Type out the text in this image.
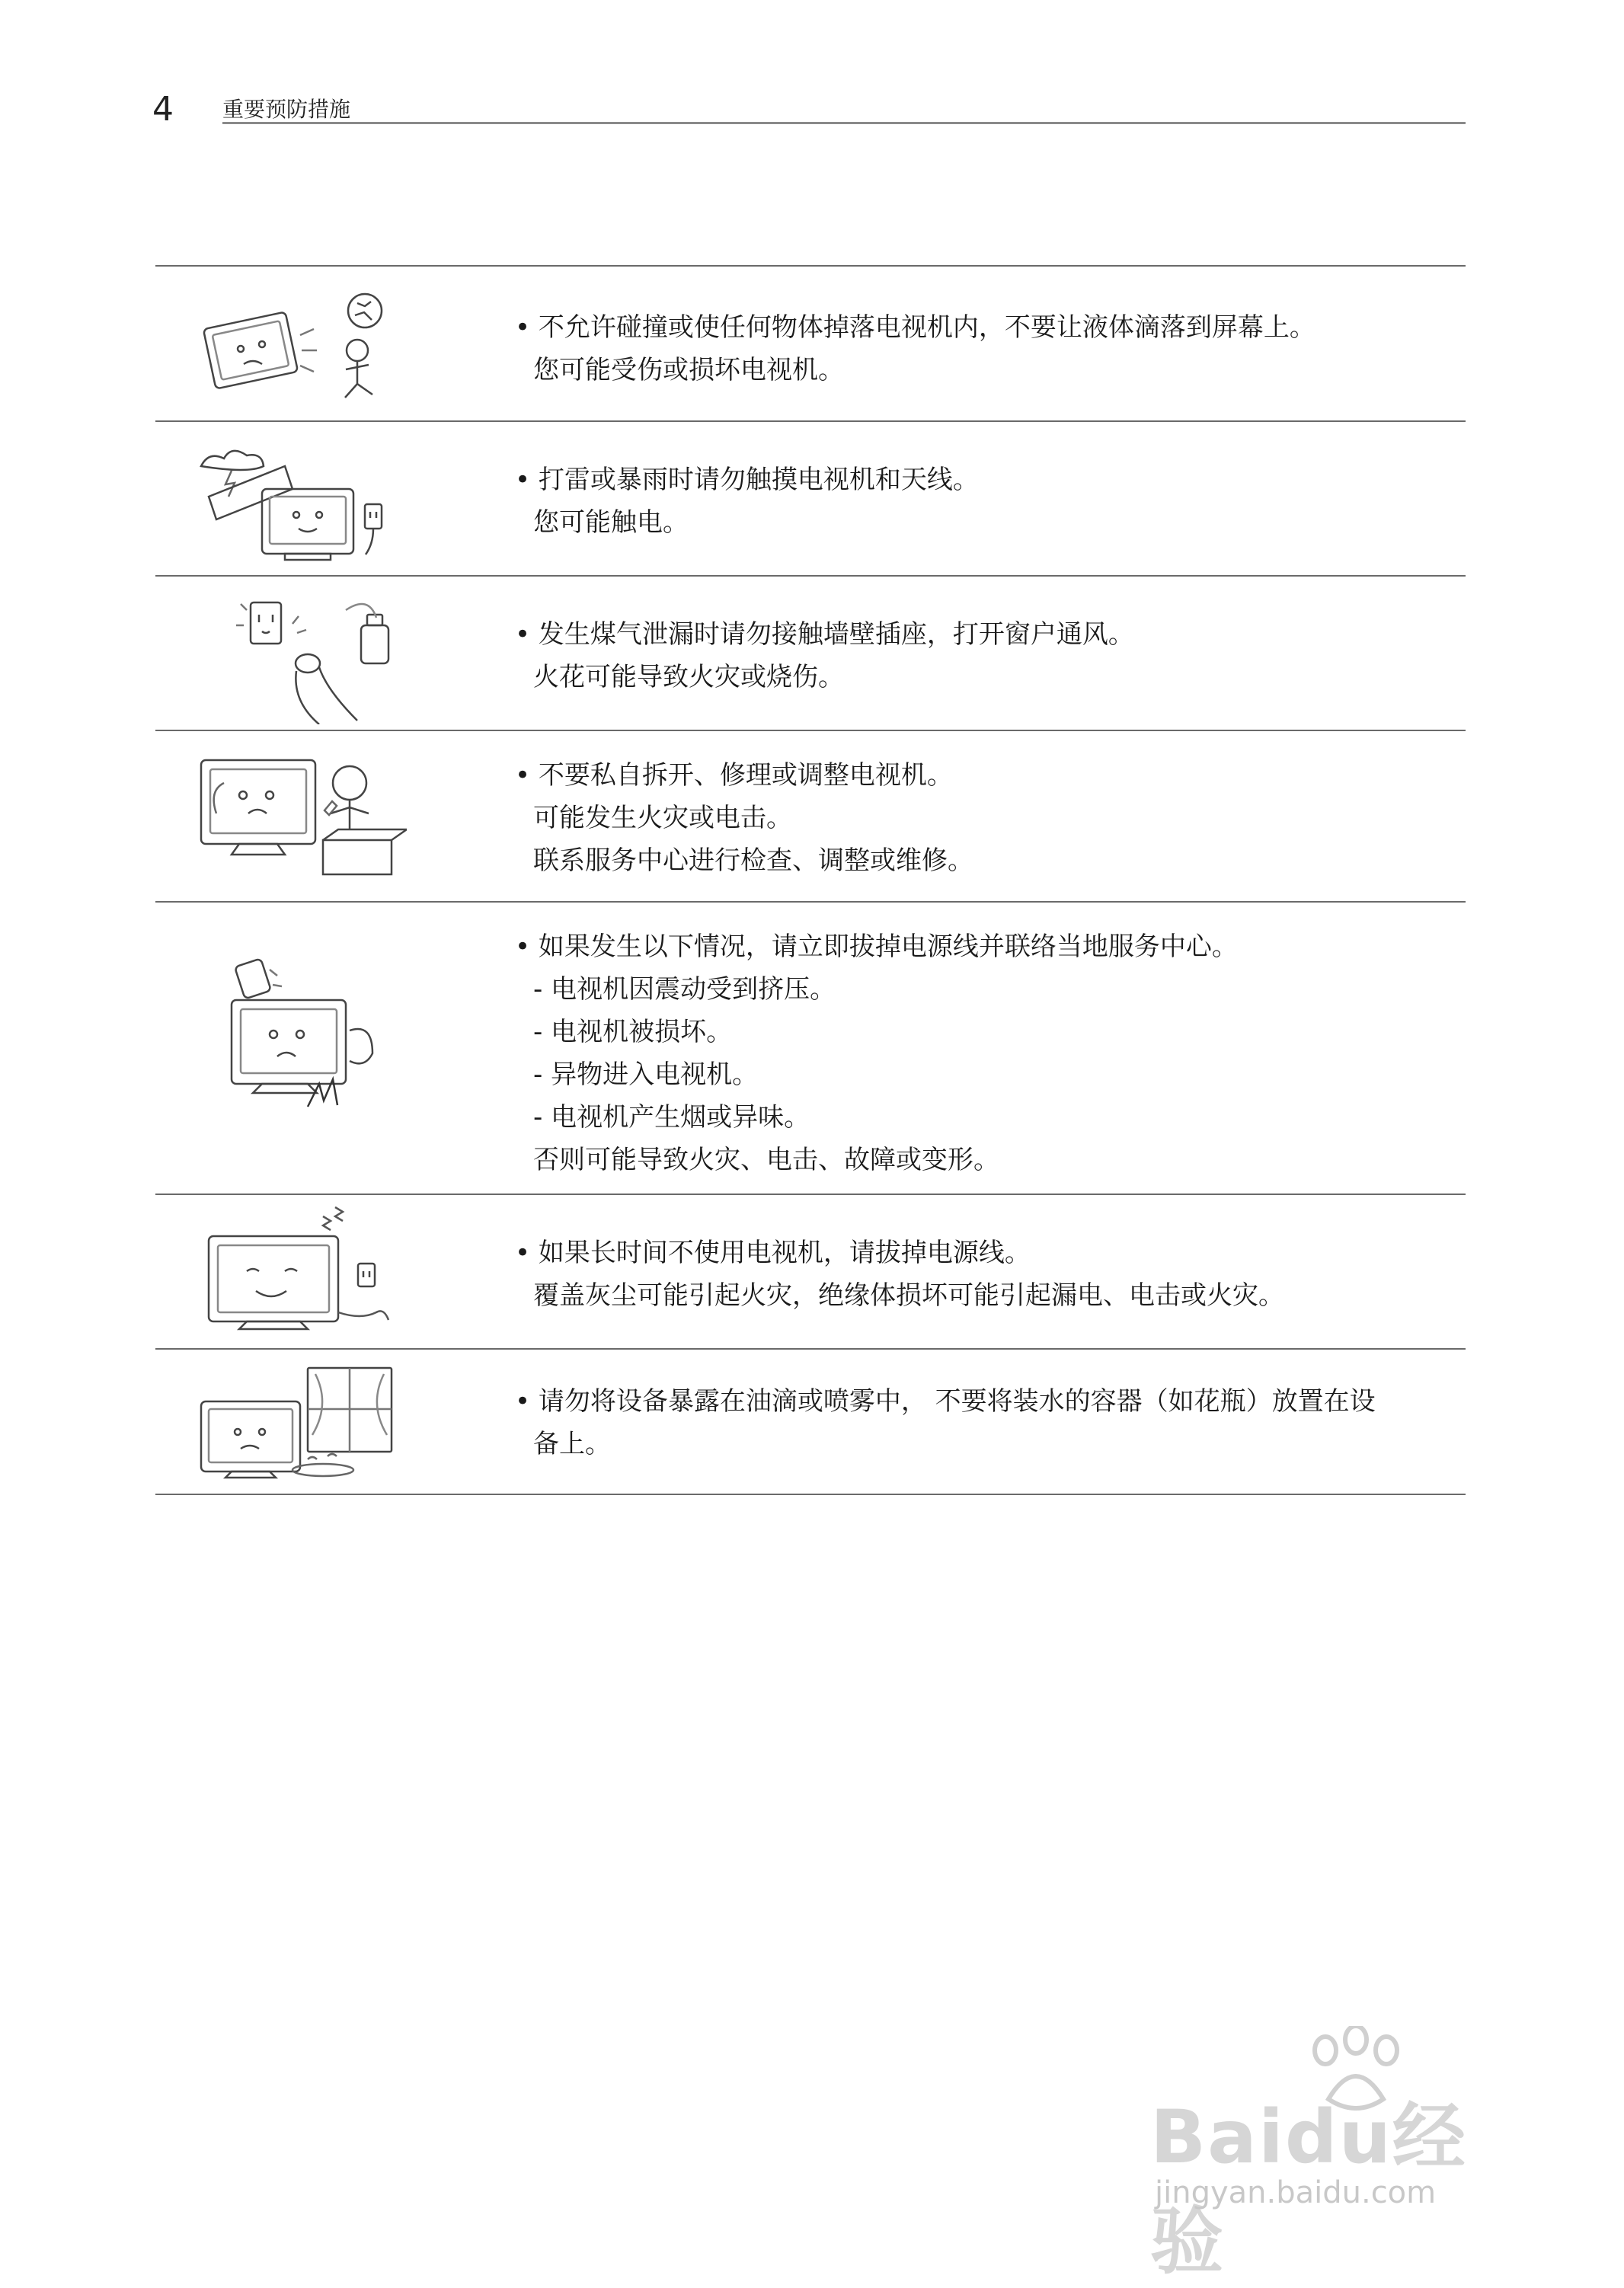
4 重要预防措施
• 不允许碰撞或使任何物体掉落电视机内，不要让液体滴落到屏幕上。
您可能受伤或损坏电视机。
• 打雷或暴雨时请勿触摸电视机和天线。
您可能触电。
• 发生煤气泄漏时请勿接触墙壁插座，打开窗户通风。
火花可能导致火灾或烧伤。
• 不要私自拆开、修理或调整电视机。
可能发生火灾或电击。
联系服务中心进行检查、调整或维修。
• 如果发生以下情况，请立即拔掉电源线并联络当地服务中心。
- 电视机因震动受到挤压。
- 电视机被损坏。
- 异物进入电视机。
- 电视机产生烟或异味。
否则可能导致火灾、电击、故障或变形。
• 如果长时间不使用电视机，请拔掉电源线。
覆盖灰尘可能引起火灾，绝缘体损坏可能引起漏电、电击或火灾。
• 请勿将设备暴露在油滴或喷雾中， 不要将装水的容器（如花瓶）放置在设
备上。
Baidu经验
jingyan.baidu.com
